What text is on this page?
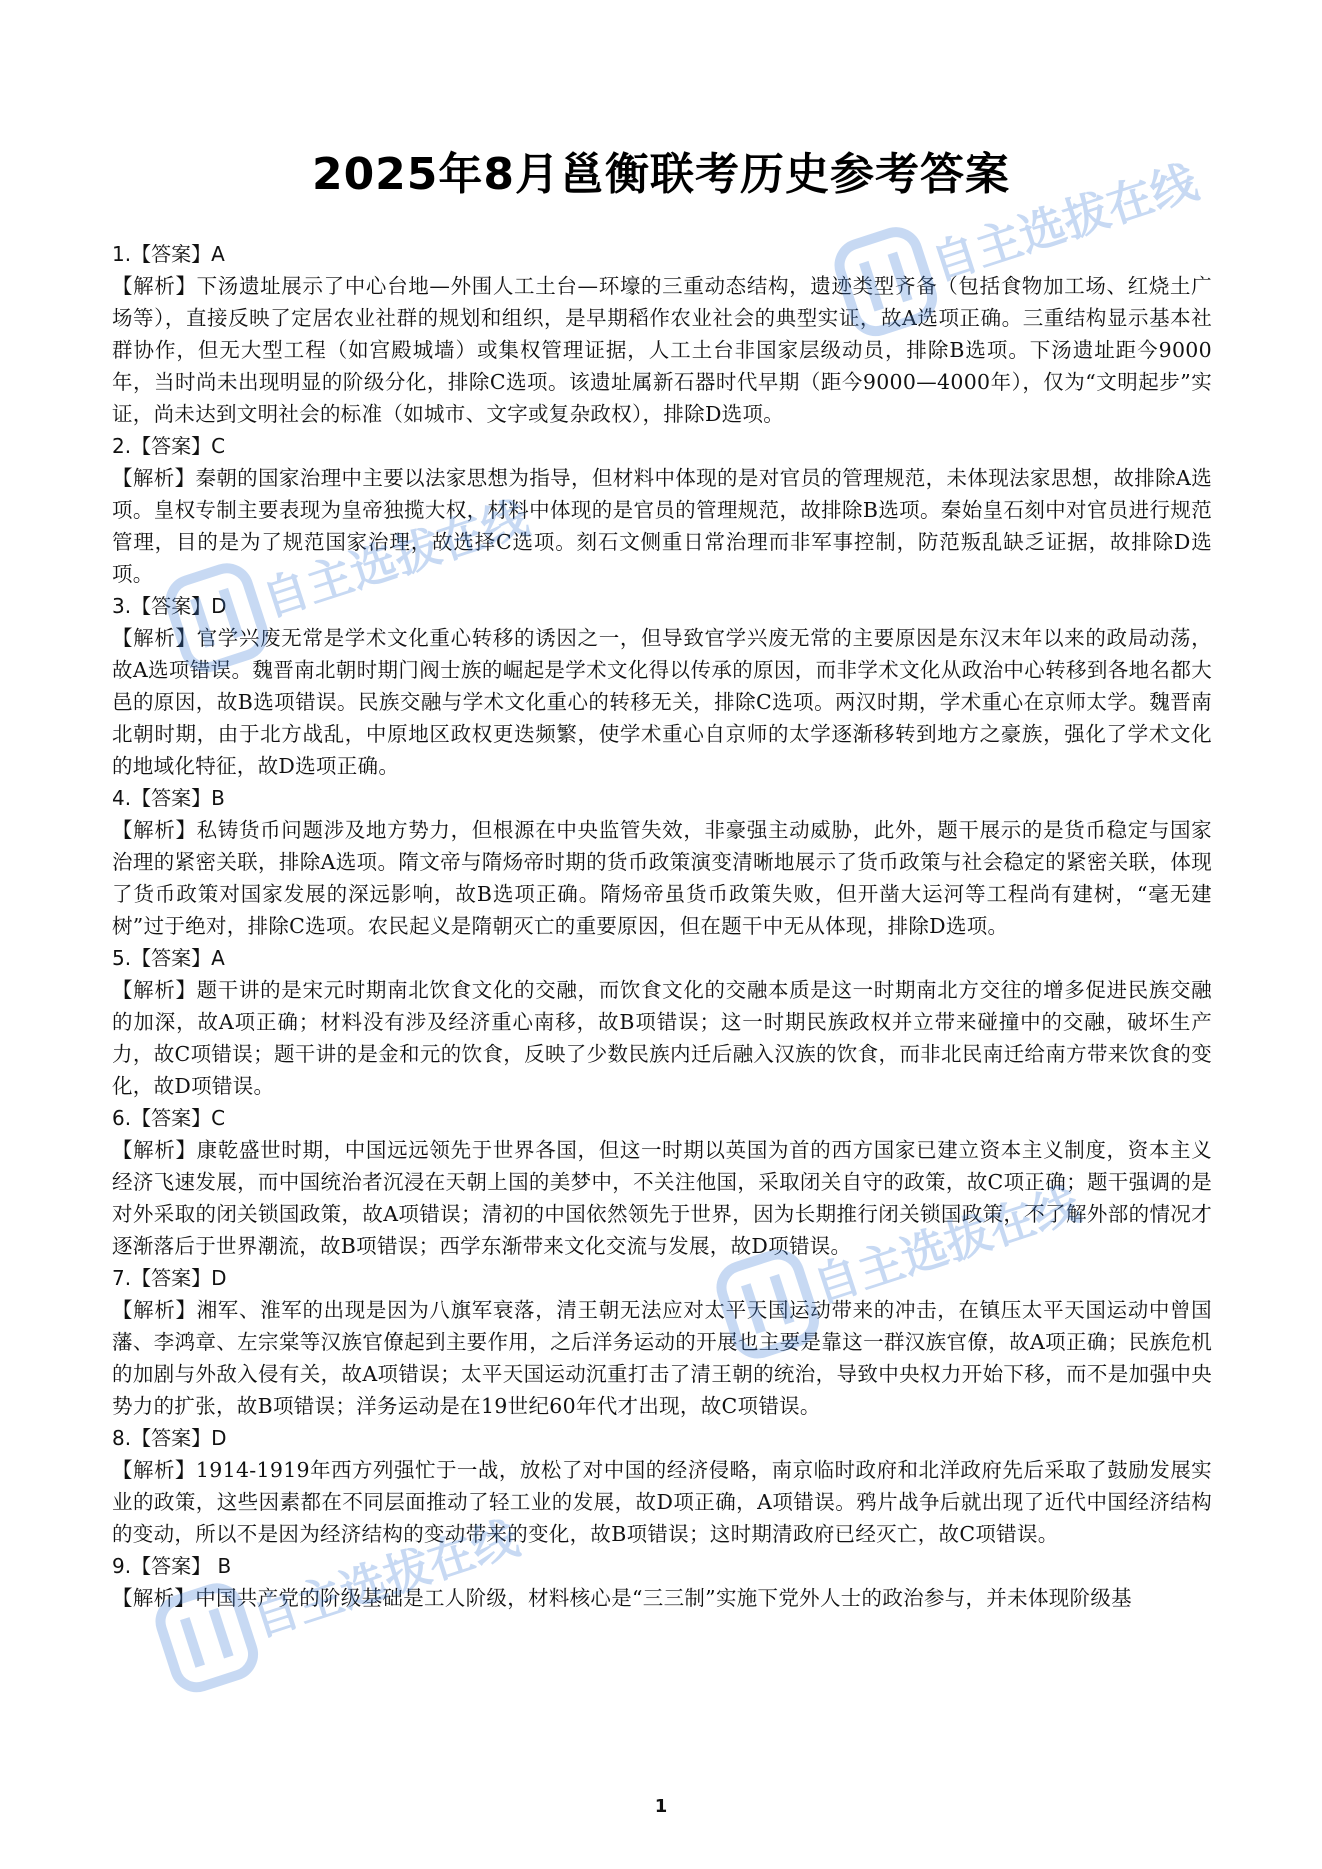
2025年8月邕衡联考历史参考答案
1.【答案】A
【解析】下汤遗址展示了中心台地—外围人工土台—环壕的三重动态结构，遗迹类型齐备（包括食物加工场、红烧土广场等），直接反映了定居农业社群的规划和组织，是早期稻作农业社会的典型实证，故A选项正确。三重结构显示基本社群协作，但无大型工程（如宫殿城墙）或集权管理证据，人工土台非国家层级动员，排除B选项。下汤遗址距今9000年，当时尚未出现明显的阶级分化，排除C选项。该遗址属新石器时代早期（距今9000—4000年），仅为“文明起步”实证，尚未达到文明社会的标准（如城市、文字或复杂政权），排除D选项。
2.【答案】C
【解析】秦朝的国家治理中主要以法家思想为指导，但材料中体现的是对官员的管理规范，未体现法家思想，故排除A选项。皇权专制主要表现为皇帝独揽大权，材料中体现的是官员的管理规范，故排除B选项。秦始皇石刻中对官员进行规范管理，目的是为了规范国家治理，故选择C选项。刻石文侧重日常治理而非军事控制，防范叛乱缺乏证据，故排除D选项。
3.【答案】D
【解析】官学兴废无常是学术文化重心转移的诱因之一，但导致官学兴废无常的主要原因是东汉末年以来的政局动荡，故A选项错误。魏晋南北朝时期门阀士族的崛起是学术文化得以传承的原因，而非学术文化从政治中心转移到各地名都大邑的原因，故B选项错误。民族交融与学术文化重心的转移无关，排除C选项。两汉时期，学术重心在京师太学。魏晋南北朝时期，由于北方战乱，中原地区政权更迭频繁，使学术重心自京师的太学逐渐移转到地方之豪族，强化了学术文化的地域化特征，故D选项正确。
4.【答案】B
【解析】私铸货币问题涉及地方势力，但根源在中央监管失效，非豪强主动威胁，此外，题干展示的是货币稳定与国家治理的紧密关联，排除A选项。隋文帝与隋炀帝时期的货币政策演变清晰地展示了货币政策与社会稳定的紧密关联，体现了货币政策对国家发展的深远影响，故B选项正确。隋炀帝虽货币政策失败，但开凿大运河等工程尚有建树，“毫无建树”过于绝对，排除C选项。农民起义是隋朝灭亡的重要原因，但在题干中无从体现，排除D选项。
5.【答案】A
【解析】题干讲的是宋元时期南北饮食文化的交融，而饮食文化的交融本质是这一时期南北方交往的增多促进民族交融的加深，故A项正确；材料没有涉及经济重心南移，故B项错误；这一时期民族政权并立带来碰撞中的交融，破坏生产力，故C项错误；题干讲的是金和元的饮食，反映了少数民族内迁后融入汉族的饮食，而非北民南迁给南方带来饮食的变化，故D项错误。
6.【答案】C
【解析】康乾盛世时期，中国远远领先于世界各国，但这一时期以英国为首的西方国家已建立资本主义制度，资本主义经济飞速发展，而中国统治者沉浸在天朝上国的美梦中，不关注他国，采取闭关自守的政策，故C项正确；题干强调的是对外采取的闭关锁国政策，故A项错误；清初的中国依然领先于世界，因为长期推行闭关锁国政策，不了解外部的情况才逐渐落后于世界潮流，故B项错误；西学东渐带来文化交流与发展，故D项错误。
7.【答案】D
【解析】湘军、淮军的出现是因为八旗军衰落，清王朝无法应对太平天国运动带来的冲击，在镇压太平天国运动中曾国藩、李鸿章、左宗棠等汉族官僚起到主要作用，之后洋务运动的开展也主要是靠这一群汉族官僚，故A项正确；民族危机的加剧与外敌入侵有关，故A项错误；太平天国运动沉重打击了清王朝的统治，导致中央权力开始下移，而不是加强中央势力的扩张，故B项错误；洋务运动是在19世纪60年代才出现，故C项错误。
8.【答案】D
【解析】1914-1919年西方列强忙于一战，放松了对中国的经济侵略，南京临时政府和北洋政府先后采取了鼓励发展实业的政策，这些因素都在不同层面推动了轻工业的发展，故D项正确，A项错误。鸦片战争后就出现了近代中国经济结构的变动，所以不是因为经济结构的变动带来的变化，故B项错误；这时期清政府已经灭亡，故C项错误。
9.【答案】 B
【解析】中国共产党的阶级基础是工人阶级，材料核心是“三三制”实施下党外人士的政治参与，并未体现阶级基
1
自主选拔在线
自主选拔在线
自主选拔在线
自主选拔在线
